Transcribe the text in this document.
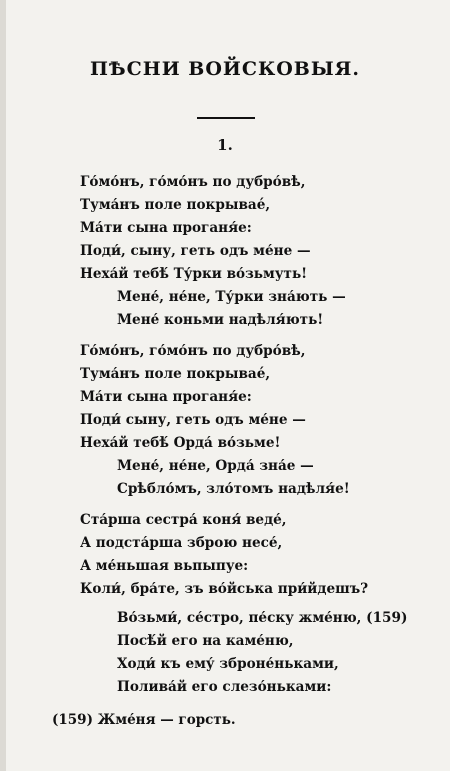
ПѢСНИ ВОЙСКОВЫЯ.
1.
Го́мо́нъ, го́мо́нъ по дубро́вѣ,
Тума́нъ поле покрываé,
Ма́ти сына проганя́е:
Поди́, сыну, геть одъ ме́не —
Неха́й тебѣ́ Ту́рки во́зьмуть!
Мене́, не́не, Ту́рки зна́ють —
Мене́ коньми надѣля́ють!
Го́мо́нъ, го́мо́нъ по дубро́вѣ,
Тума́нъ поле покрываé,
Ма́ти сына проганя́е:
Поди́ сыну, геть одъ ме́не —
Неха́й тебѣ́ Орда́ во́зьме!
Мене́, не́не, Орда́ зна́е —
Срѣбло́мъ, зло́томъ надѣля́е!
Ста́рша сестра́ коня́ веде́,
А подста́рша зброю несе́,
А ме́ньшая вьпыпуе:
Коли́, бра́те, зъ во́йська при́йдешъ?
Во́зьми́, се́стро, пе́ску жме́ню, (159)
Посѣ́й его на каме́ню,
Ходи́ къ ему́ зброне́ньками,
Полива́й его слезо́ньками:
(159) Жме́ня — горсть.
